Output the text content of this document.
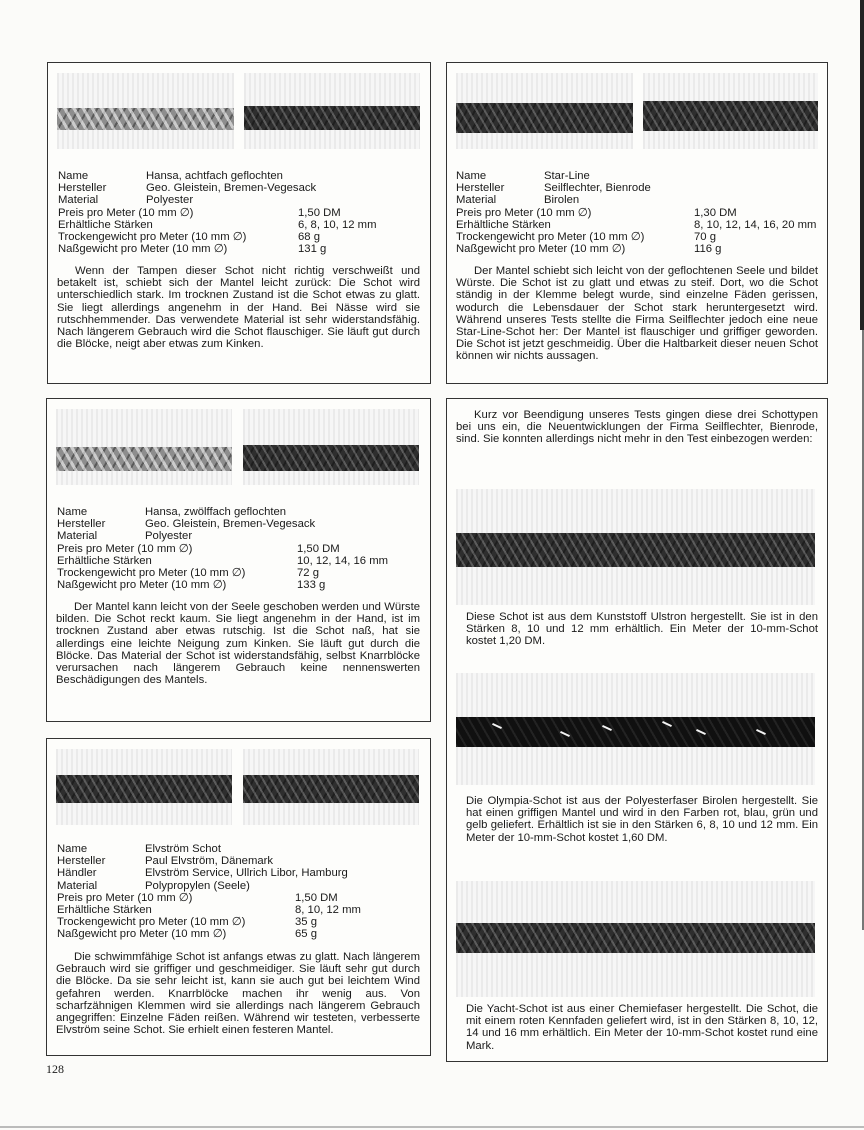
Name	Hansa, achtfach geflochten
Hersteller	Geo. Gleistein, Bremen-Vegesack
Material	Polyester
Preis pro Meter (10 mm ∅)	1,50 DM
Erhältliche Stärken	6, 8, 10, 12 mm
Trockengewicht pro Meter (10 mm ∅)	68 g
Naßgewicht pro Meter (10 mm ∅)	131 g

Wenn der Tampen dieser Schot nicht richtig verschweißt und betakelt ist, schiebt sich der Mantel leicht zurück: Die Schot wird unterschiedlich stark. Im trocknen Zustand ist die Schot etwas zu glatt. Sie liegt allerdings angenehm in der Hand. Bei Nässe wird sie rutschhemmender. Das verwendete Material ist sehr widerstandsfähig. Nach längerem Gebrauch wird die Schot flauschiger. Sie läuft gut durch die Blöcke, neigt aber etwas zum Kinken.

Name	Star-Line
Hersteller	Seilflechter, Bienrode
Material	Birolen
Preis pro Meter (10 mm ∅)	1,30 DM
Erhältliche Stärken	8, 10, 12, 14, 16, 20 mm
Trockengewicht pro Meter (10 mm ∅)	70 g
Naßgewicht pro Meter (10 mm ∅)	116 g

Der Mantel schiebt sich leicht von der geflochtenen Seele und bildet Würste. Die Schot ist zu glatt und etwas zu steif. Dort, wo die Schot ständig in der Klemme belegt wurde, sind einzelne Fäden gerissen, wodurch die Lebensdauer der Schot stark heruntergesetzt wird. Während unseres Tests stellte die Firma Seilflechter jedoch eine neue Star-Line-Schot her: Der Mantel ist flauschiger und griffiger geworden. Die Schot ist jetzt geschmeidig. Über die Haltbarkeit dieser neuen Schot können wir nichts aussagen.

Name	Hansa, zwölffach geflochten
Hersteller	Geo. Gleistein, Bremen-Vegesack
Material	Polyester
Preis pro Meter (10 mm ∅)	1,50 DM
Erhältliche Stärken	10, 12, 14, 16 mm
Trockengewicht pro Meter (10 mm ∅)	72 g
Naßgewicht pro Meter (10 mm ∅)	133 g

Der Mantel kann leicht von der Seele geschoben werden und Würste bilden. Die Schot reckt kaum. Sie liegt angenehm in der Hand, ist im trocknen Zustand aber etwas rutschig. Ist die Schot naß, hat sie allerdings eine leichte Neigung zum Kinken. Sie läuft gut durch die Blöcke. Das Material der Schot ist widerstandsfähig, selbst Knarrblöcke verursachen nach längerem Gebrauch keine nennenswerten Beschädigungen des Mantels.

Name	Elvström Schot
Hersteller	Paul Elvström, Dänemark
Händler	Elvström Service, Ullrich Libor, Hamburg
Material	Polypropylen (Seele)
Preis pro Meter (10 mm ∅)	1,50 DM
Erhältliche Stärken	8, 10, 12 mm
Trockengewicht pro Meter (10 mm ∅)	35 g
Naßgewicht pro Meter (10 mm ∅)	65 g

Die schwimmfähige Schot ist anfangs etwas zu glatt. Nach längerem Gebrauch wird sie griffiger und geschmeidiger. Sie läuft sehr gut durch die Blöcke. Da sie sehr leicht ist, kann sie auch gut bei leichtem Wind gefahren werden. Knarrblöcke machen ihr wenig aus. Von scharfzähnigen Klemmen wird sie allerdings nach längerem Gebrauch angegriffen: Einzelne Fäden reißen. Während wir testeten, verbesserte Elvström seine Schot. Sie erhielt einen festeren Mantel.

Kurz vor Beendigung unseres Tests gingen diese drei Schottypen bei uns ein, die Neuentwicklungen der Firma Seilflechter, Bienrode, sind. Sie konnten allerdings nicht mehr in den Test einbezogen werden:

Diese Schot ist aus dem Kunststoff Ulstron hergestellt. Sie ist in den Stärken 8, 10 und 12 mm erhältlich. Ein Meter der 10-mm-Schot kostet 1,20 DM.
Die Olympia-Schot ist aus der Polyesterfaser Birolen hergestellt. Sie hat einen griffigen Mantel und wird in den Farben rot, blau, grün und gelb geliefert. Erhältlich ist sie in den Stärken 6, 8, 10 und 12 mm. Ein Meter der 10-mm-Schot kostet 1,60 DM.
Die Yacht-Schot ist aus einer Chemiefaser hergestellt. Die Schot, die mit einem roten Kennfaden geliefert wird, ist in den Stärken 8, 10, 12, 14 und 16 mm erhältlich. Ein Meter der 10-mm-Schot kostet rund eine Mark.
128
